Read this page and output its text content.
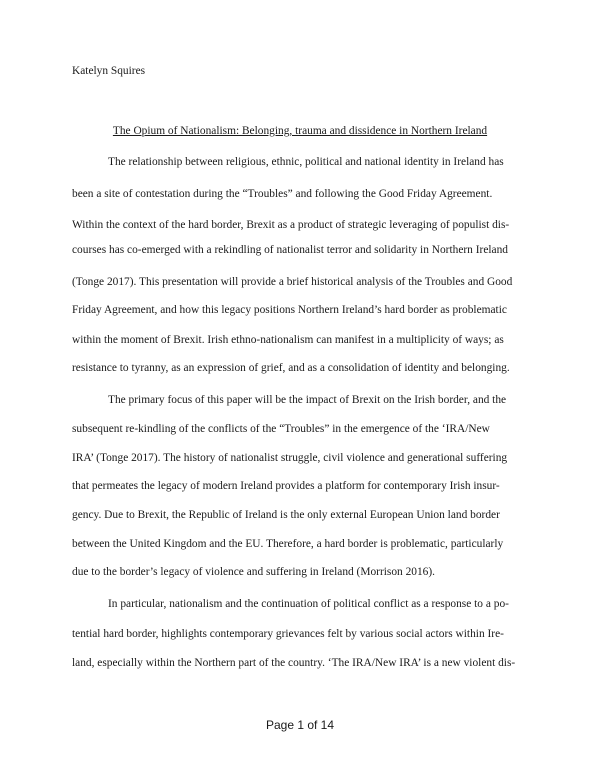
Katelyn Squires
The Opium of Nationalism: Belonging, trauma and dissidence in Northern Ireland
The relationship between religious, ethnic, political and national identity in Ireland has
been a site of contestation during the “Troubles” and following the Good Friday Agreement.
Within the context of the hard border, Brexit as a product of strategic leveraging of populist dis-
courses has co-emerged with a rekindling of nationalist terror and solidarity in Northern Ireland
(Tonge 2017). This presentation will provide a brief historical analysis of the Troubles and Good
Friday Agreement, and how this legacy positions Northern Ireland’s hard border as problematic
within the moment of Brexit. Irish ethno-nationalism can manifest in a multiplicity of ways; as
resistance to tyranny, as an expression of grief, and as a consolidation of identity and belonging.
The primary focus of this paper will be the impact of Brexit on the Irish border, and the
subsequent re-kindling of the conflicts of the “Troubles” in the emergence of the ‘IRA/New
IRA’ (Tonge 2017). The history of nationalist struggle, civil violence and generational suffering
that permeates the legacy of modern Ireland provides a platform for contemporary Irish insur-
gency. Due to Brexit, the Republic of Ireland is the only external European Union land border
between the United Kingdom and the EU. Therefore, a hard border is problematic, particularly
due to the border’s legacy of violence and suffering in Ireland (Morrison 2016).
In particular, nationalism and the continuation of political conflict as a response to a po-
tential hard border, highlights contemporary grievances felt by various social actors within Ire-
land, especially within the Northern part of the country. ‘The IRA/New IRA’ is a new violent dis-
Page 1 of 14
